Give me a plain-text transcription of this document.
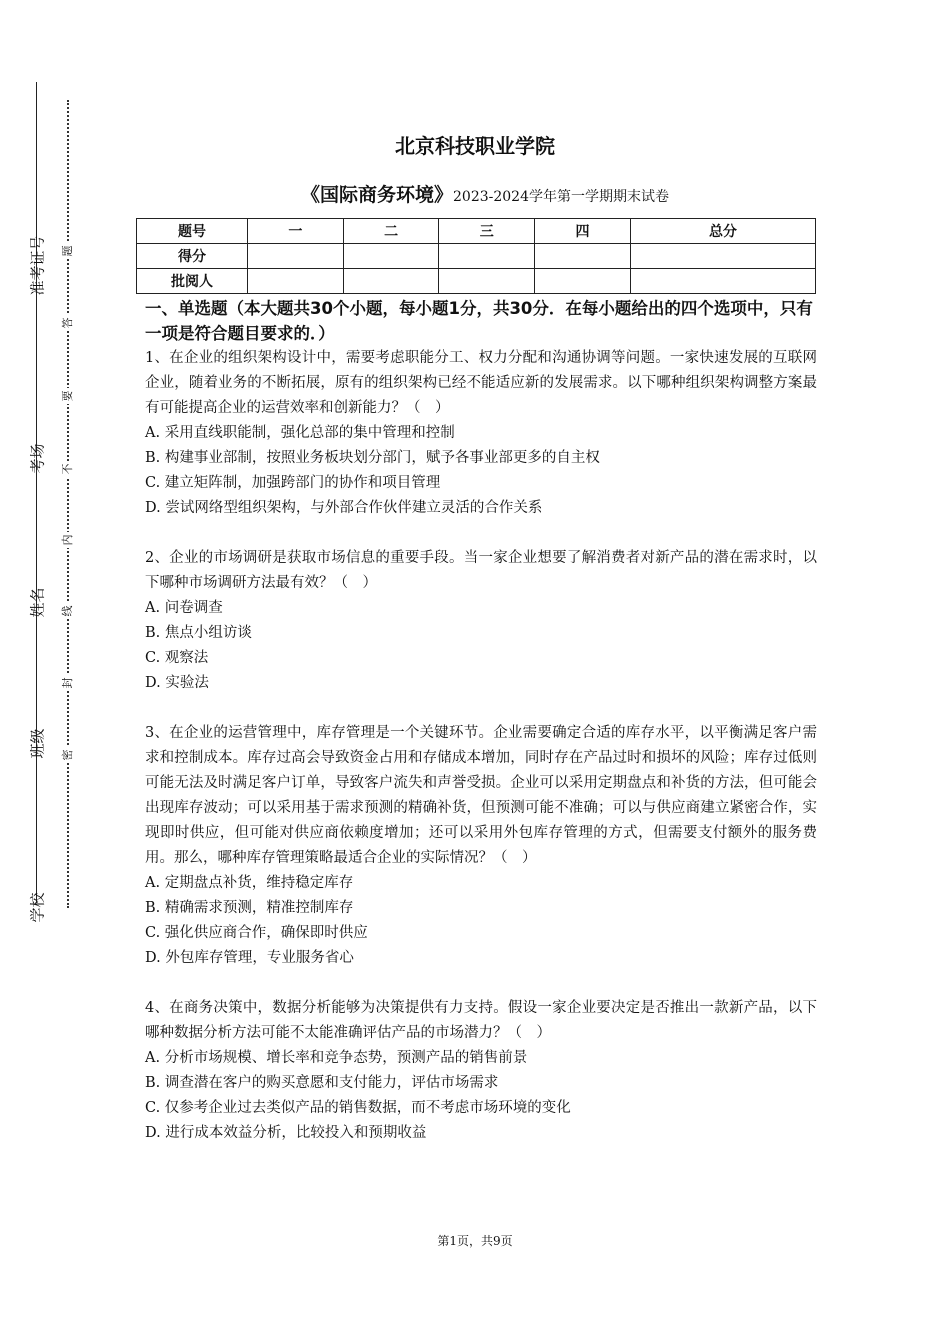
准考证号
考场
姓名
班级
学校
题
答
要
不
内
线
封
密
北京科技职业学院
《国际商务环境》2023-2024学年第一学期期末试卷
题号	一	二	三	四	总分
得分					
批阅人					
一、单选题（本大题共30个小题，每小题1分，共30分．在每小题给出的四个选项中，只有一项是符合题目要求的．）

1、在企业的组织架构设计中，需要考虑职能分工、权力分配和沟通协调等问题。一家快速发展的互联网企业，随着业务的不断拓展，原有的组织架构已经不能适应新的发展需求。以下哪种组织架构调整方案最有可能提高企业的运营效率和创新能力？（　）

A. 采用直线职能制，强化总部的集中管理和控制

B. 构建事业部制，按照业务板块划分部门，赋予各事业部更多的自主权

C. 建立矩阵制，加强跨部门的协作和项目管理

D. 尝试网络型组织架构，与外部合作伙伴建立灵活的合作关系

2、企业的市场调研是获取市场信息的重要手段。当一家企业想要了解消费者对新产品的潜在需求时，以下哪种市场调研方法最有效？（　）

A. 问卷调查

B. 焦点小组访谈

C. 观察法

D. 实验法

3、在企业的运营管理中，库存管理是一个关键环节。企业需要确定合适的库存水平，以平衡满足客户需求和控制成本。库存过高会导致资金占用和存储成本增加，同时存在产品过时和损坏的风险；库存过低则可能无法及时满足客户订单，导致客户流失和声誉受损。企业可以采用定期盘点和补货的方法，但可能会出现库存波动；可以采用基于需求预测的精确补货，但预测可能不准确；可以与供应商建立紧密合作，实现即时供应，但可能对供应商依赖度增加；还可以采用外包库存管理的方式，但需要支付额外的服务费用。那么，哪种库存管理策略最适合企业的实际情况？（　）

A. 定期盘点补货，维持稳定库存

B. 精确需求预测，精准控制库存

C. 强化供应商合作，确保即时供应

D. 外包库存管理，专业服务省心

4、在商务决策中，数据分析能够为决策提供有力支持。假设一家企业要决定是否推出一款新产品，以下哪种数据分析方法可能不太能准确评估产品的市场潜力？（　）

A. 分析市场规模、增长率和竞争态势，预测产品的销售前景

B. 调查潜在客户的购买意愿和支付能力，评估市场需求

C. 仅参考企业过去类似产品的销售数据，而不考虑市场环境的变化

D. 进行成本效益分析，比较投入和预期收益

第1页，共9页
